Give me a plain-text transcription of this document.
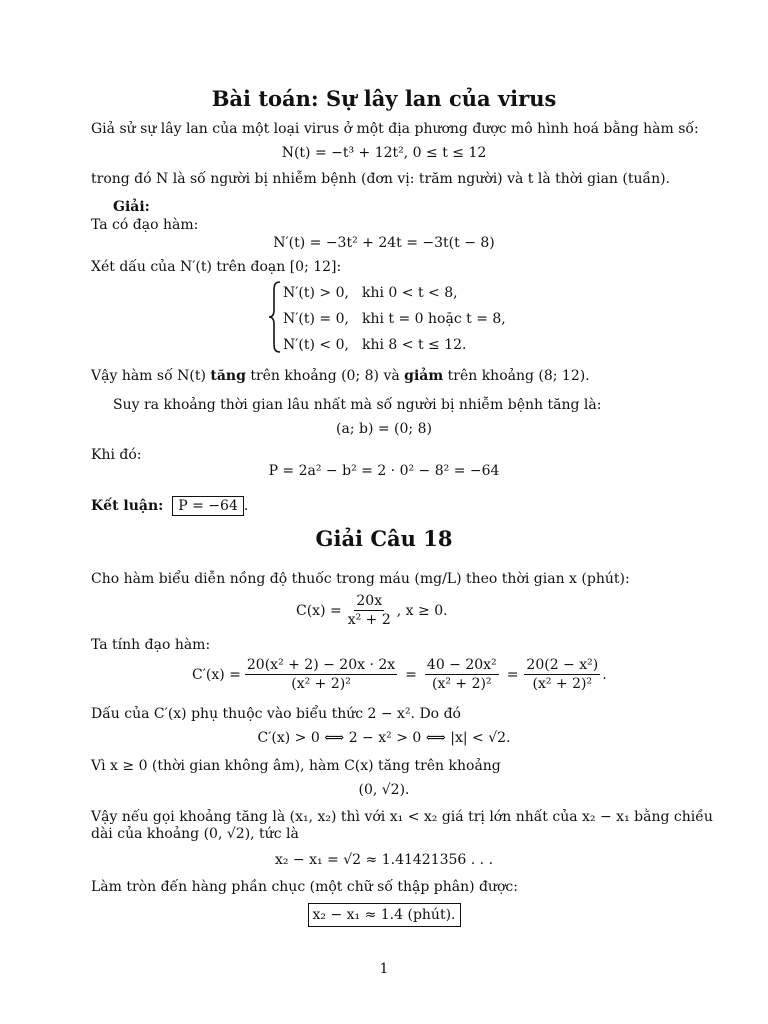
Bài toán: Sự lây lan của virus
Giả sử sự lây lan của một loại virus ở một địa phương được mô hình hoá bằng hàm số:
N(t) = −t³ + 12t², 0 ≤ t ≤ 12
trong đó N là số người bị nhiễm bệnh (đơn vị: trăm người) và t là thời gian (tuần).
Giải:
Ta có đạo hàm:
N′(t) = −3t² + 24t = −3t(t − 8)
Xét dấu của N′(t) trên đoạn [0; 12]:
N′(t) > 0, khi 0 < t < 8,
N′(t) = 0, khi t = 0 hoặc t = 8,
N′(t) < 0, khi 8 < t ≤ 12.
Vậy hàm số N(t) tăng trên khoảng (0; 8) và giảm trên khoảng (8; 12).
Suy ra khoảng thời gian lâu nhất mà số người bị nhiễm bệnh tăng là:
(a; b) = (0; 8)
Khi đó:
P = 2a² − b² = 2 · 0² − 8² = −64
Kết luận: P = −64 .
Giải Câu 18
Cho hàm biểu diễn nồng độ thuốc trong máu (mg/L) theo thời gian x (phút):
$C(x) = \frac{20x}{\text{x² + 2}}$ , x ≥ 0.
Ta tính đạo hàm:
$C'(x) = \frac{\text{20(x² + 2) − 20x · 2x}}{\text{(x² + 2)²}} = \frac{\text{40 − 20x²}}{\text{(x² + 2)²}} = \frac{\text{20(2 − x²)}}{\text{(x² + 2)²}}$ .
Dấu của C′(x) phụ thuộc vào biểu thức 2 − x². Do đó
C′(x) > 0 ⟺ 2 − x² > 0 ⟺ |x| < √2.
Vì x ≥ 0 (thời gian không âm), hàm C(x) tăng trên khoảng
(0, √2).
Vậy nếu gọi khoảng tăng là (x₁, x₂) thì với x₁ < x₂ giá trị lớn nhất của x₂ − x₁ bằng chiều
dài của khoảng (0, √2), tức là
x₂ − x₁ = √2 ≈ 1.41421356 . . .
Làm tròn đến hàng phần chục (một chữ số thập phân) được:
x₂ − x₁ ≈ 1.4 (phút).
1
